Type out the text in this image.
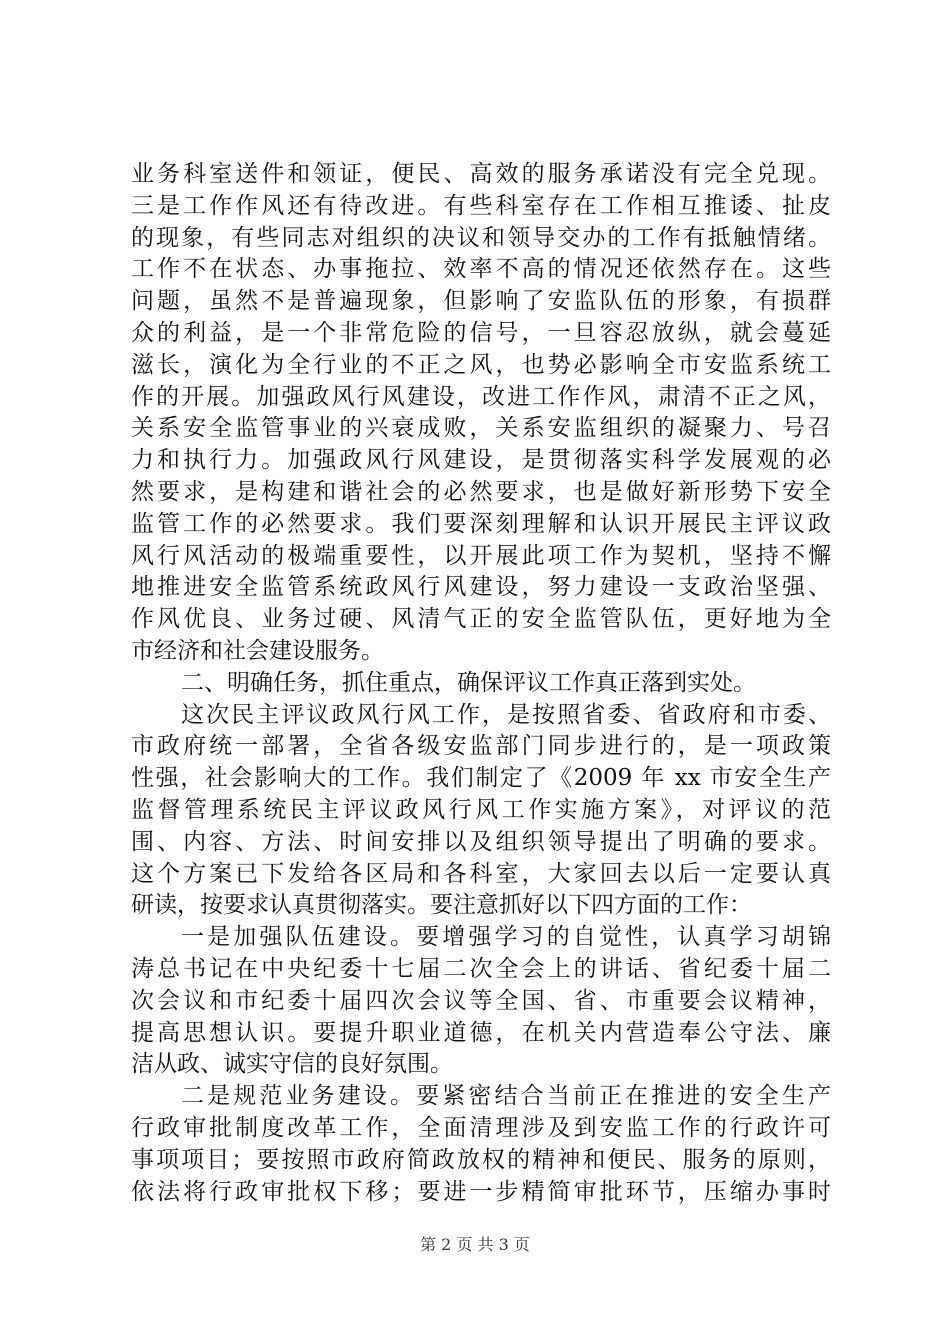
业务科室送件和领证，便民、高效的服务承诺没有完全兑现。
三是工作作风还有待改进。有些科室存在工作相互推诿、扯皮
的现象，有些同志对组织的决议和领导交办的工作有抵触情绪。
工作不在状态、办事拖拉、效率不高的情况还依然存在。这些
问题，虽然不是普遍现象，但影响了安监队伍的形象，有损群
众的利益，是一个非常危险的信号，一旦容忍放纵，就会蔓延
滋长，演化为全行业的不正之风，也势必影响全市安监系统工
作的开展。加强政风行风建设，改进工作作风，肃清不正之风，
关系安全监管事业的兴衰成败，关系安监组织的凝聚力、号召
力和执行力。加强政风行风建设，是贯彻落实科学发展观的必
然要求，是构建和谐社会的必然要求，也是做好新形势下安全
监管工作的必然要求。我们要深刻理解和认识开展民主评议政
风行风活动的极端重要性，以开展此项工作为契机，坚持不懈
地推进安全监管系统政风行风建设，努力建设一支政治坚强、
作风优良、业务过硬、风清气正的安全监管队伍，更好地为全
市经济和社会建设服务。
二、明确任务，抓住重点，确保评议工作真正落到实处。
这次民主评议政风行风工作，是按照省委、省政府和市委、
市政府统一部署，全省各级安监部门同步进行的，是一项政策
性强，社会影响大的工作。我们制定了《2009 年 xx 市安全生产
监督管理系统民主评议政风行风工作实施方案》，对评议的范
围、内容、方法、时间安排以及组织领导提出了明确的要求。
这个方案已下发给各区局和各科室，大家回去以后一定要认真
研读，按要求认真贯彻落实。要注意抓好以下四方面的工作：
一是加强队伍建设。要增强学习的自觉性，认真学习胡锦
涛总书记在中央纪委十七届二次全会上的讲话、省纪委十届二
次会议和市纪委十届四次会议等全国、省、市重要会议精神，
提高思想认识。要提升职业道德，在机关内营造奉公守法、廉
洁从政、诚实守信的良好氛围。
二是规范业务建设。要紧密结合当前正在推进的安全生产
行政审批制度改革工作，全面清理涉及到安监工作的行政许可
事项项目；要按照市政府简政放权的精神和便民、服务的原则，
依法将行政审批权下移；要进一步精简审批环节，压缩办事时
第 2 页 共 3 页
